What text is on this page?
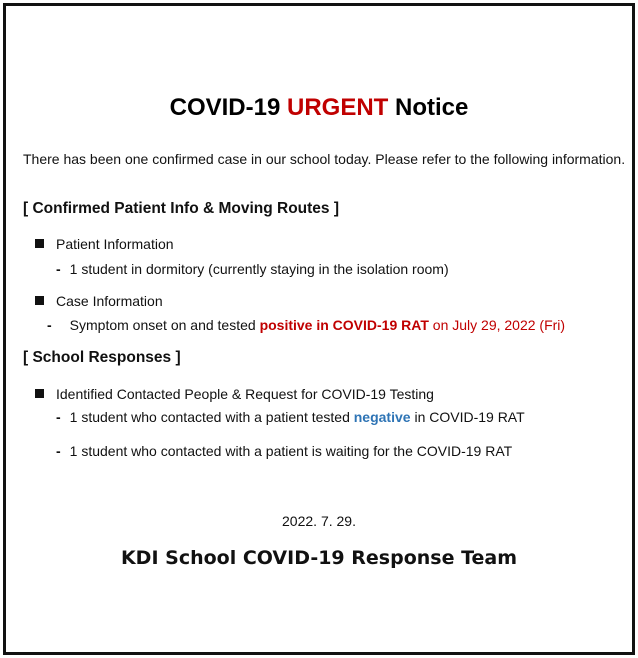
COVID-19 URGENT Notice
There has been one confirmed case in our school today. Please refer to the following information.
[ Confirmed Patient Info & Moving Routes ]
Patient Information
- 1 student in dormitory (currently staying in the isolation room)
Case Information
- Symptom onset on and tested positive in COVID-19 RAT on July 29, 2022 (Fri)
[ School Responses ]
Identified Contacted People & Request for COVID-19 Testing
- 1 student who contacted with a patient tested negative in COVID-19 RAT
- 1 student who contacted with a patient is waiting for the COVID-19 RAT
2022. 7. 29.
KDI School COVID-19 Response Team
